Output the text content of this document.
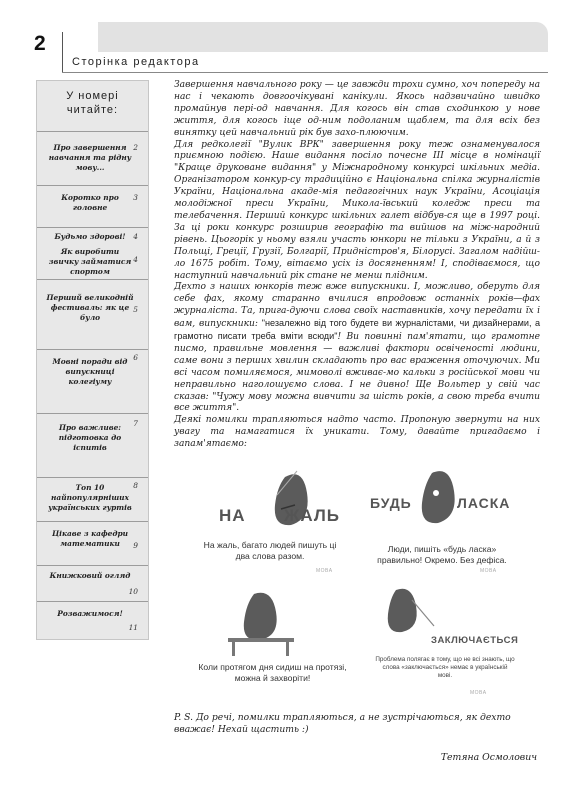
2
Сторінка редактора
У номері
читайте:
Про завершення навчання та рідну мову...
2
Коротко про головне
3
Будьмо здорові!	4
Як виробити звичку займатися спортом
4
Перший великодній фестиваль: як це було
5
Мовні поради від випускниці колегіуму
6
Про важливе: підготовка до іспитів
7
Топ 10 найпопулярніших українських гуртів
8
Цікаве з кафедри математики	9
Книжковий огляд
10
Розважимося!
11

Завершення навчального року — це завжди трохи сумно, хоч попереду на нас і чекають довгоочікувані канікули. Якось надзвичайно швидко промайнув пері-од навчання. Для когось він став сходинкою у нове життя, для когось іще од-ним подоланим щаблем, та для всіх без винятку цей навчальний рік був захо-плюючим.

Для редколегії "Вулик ВРК" завершення року теж ознаменувалося приємною подією. Наше видання посіло почесне ІІІ місце в номінації "Краще друковане видання" у Міжнародному конкурсі шкільних медіа. Організатором конкур-су традиційно є Національна спілка журналістів України, Національна акаде-мія педагогічних наук України, Асоціація молодіжної преси України, Микола-ївський коледж преси та телебачення. Перший конкурс шкільних галет відбув-ся ще в 1997 році. За ці роки конкурс розширив географію та вийшов на між-народний рівень. Цьогорік у ньому взяли участь юнкори не тільки з України, а й з Польщі, Греції, Грузії, Болгарії, Придністров'я, Білорусі. Загалом надійш-ло 1675 робіт. Тому, вітаємо усіх із досягненням! І, сподіваємося, що наступний навчальний рік стане не менш плідним.

Дехто з наших юнкорів теж вже випускники. І, можливо, оберуть для себе фах, якому старанно вчилися впродовж останніх років—фах журналіста. Та, прига-дуючи слова своїх наставників, хочу передати їх і вам, випускники: "незалежно від того будете ви журналістами, чи дизайнерами, а грамотно писати треба вміти всюди"! Ви повинні пам'ятати, що грамотне писмо, правильне мовлення — важливі фактори освіченості людини, саме вони з перших хвилин складають про вас враження оточуючих. Ми всі часом помиляємося, мимоволі вживає-мо кальки з російської мови чи неправильно наголошуємо слова. І не дивно! Ще Вольтер у свій час сказав: "Чужу мову можна вивчити за шість років, а свою треба вчити все життя".

Деякі помилки трапляються надто часто. Пропоную звернути на них увагу та намагатися їх уникати. Тому, давайте пригадаємо і запам'ятаємо:

НА ЖАЛЬ
На жаль, багато людей пишуть ці два слова разом.
МОВА
БУДЬ	ЛАСКА
Люди, пишіть «будь ласка» правильно! Окремо. Без дефіса.
МОВА
Коли протягом дня сидиш на протязі, можна й захворіти!
ЗАКЛЮЧАЄТЬСЯ
Проблема полягає в тому, що не всі знають, що слова «заключається» немає в українській мові.
МОВА
P. S. До речі, помилки трапляються, а не зустрічаються, як дехто вважає! Нехай щастить :)
Тетяна Осмолович
